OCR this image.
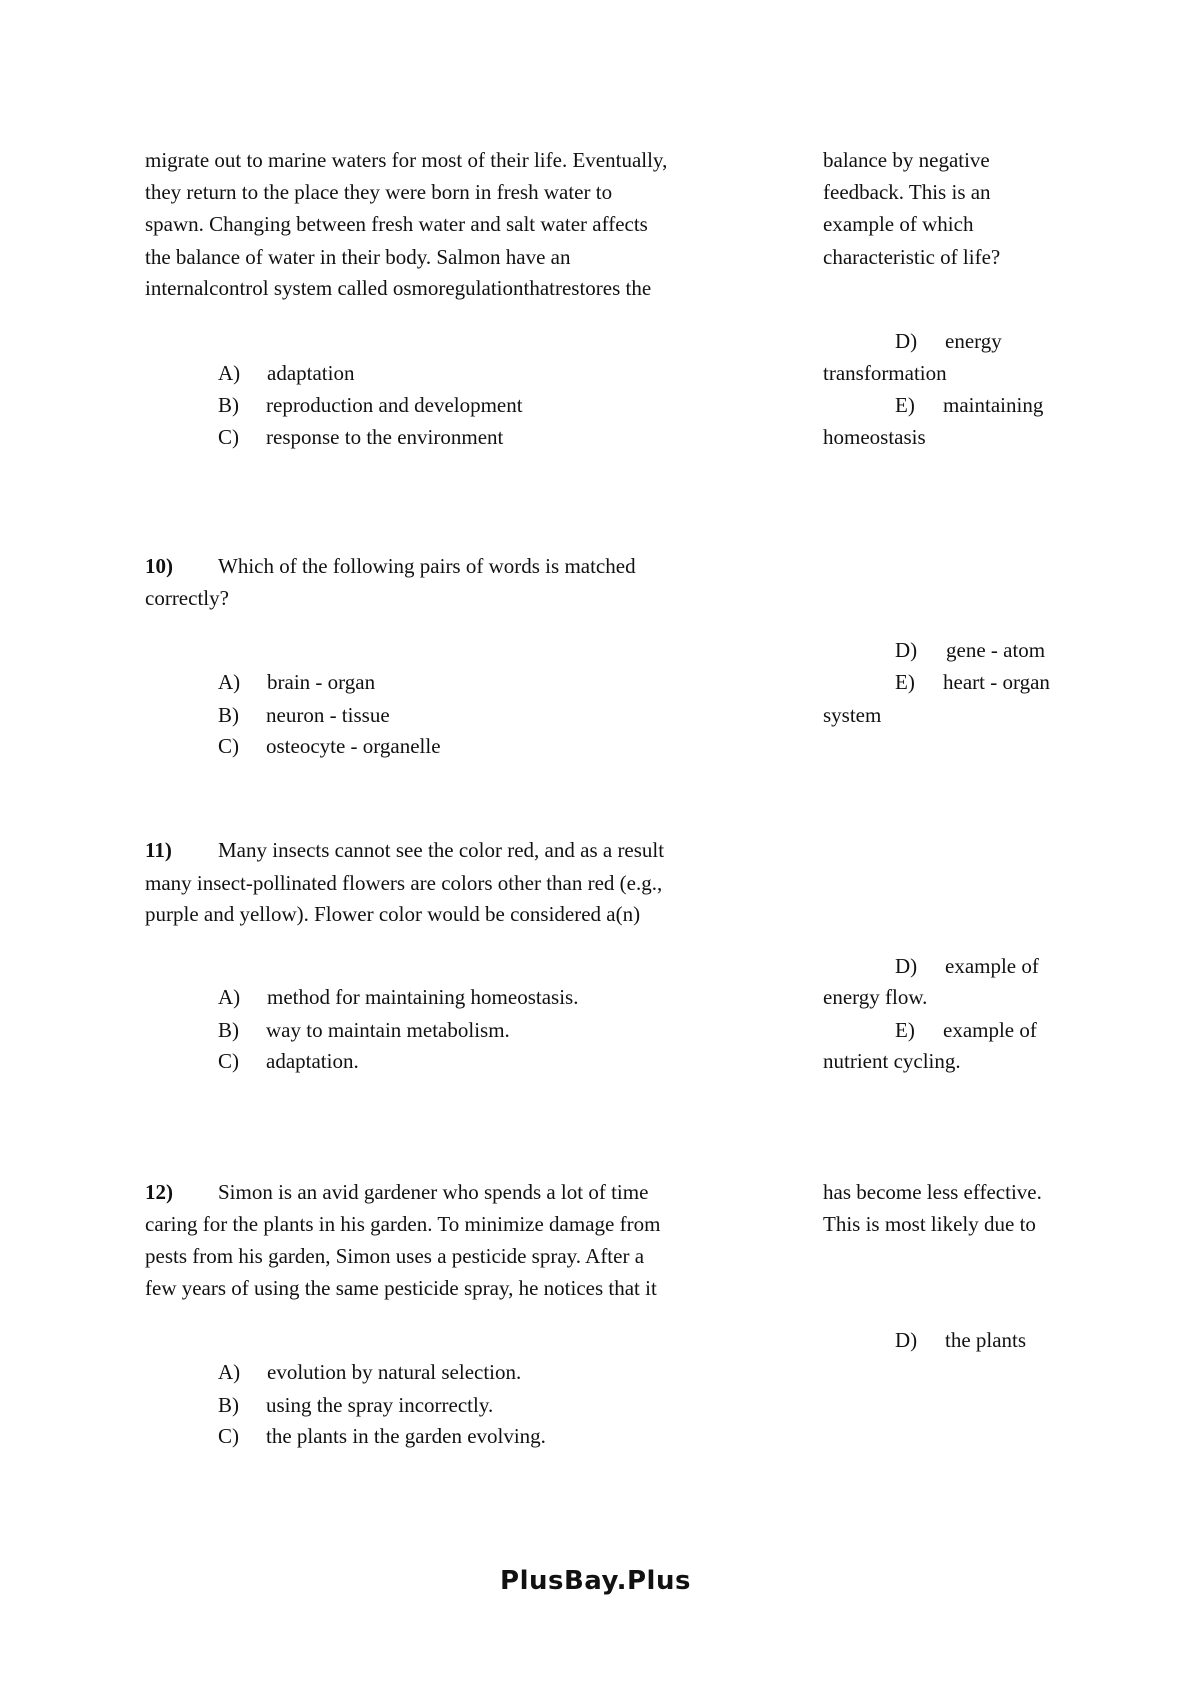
migrate out to marine waters for most of their life. Eventually,
they return to the place they were born in fresh water to
spawn. Changing between fresh water and salt water affects
the balance of water in their body. Salmon have an
internalcontrol system called osmoregulationthatrestores the
balance by negative
feedback. This is an
example of which
characteristic of life?
D) energy
transformation
E) maintaining
homeostasis
A) adaptation
B) reproduction and development
C) response to the environment
10) Which of the following pairs of words is matched
correctly?
D) gene - atom
E) heart - organ
system
A) brain - organ
B) neuron - tissue
C) osteocyte - organelle
11) Many insects cannot see the color red, and as a result
many insect-pollinated flowers are colors other than red (e.g.,
purple and yellow). Flower color would be considered a(n)
D) example of
energy flow.
E) example of
nutrient cycling.
A) method for maintaining homeostasis.
B) way to maintain metabolism.
C) adaptation.
12) Simon is an avid gardener who spends a lot of time
caring for the plants in his garden. To minimize damage from
pests from his garden, Simon uses a pesticide spray. After a
few years of using the same pesticide spray, he notices that it
has become less effective.
This is most likely due to
D) the plants
A) evolution by natural selection.
B) using the spray incorrectly.
C) the plants in the garden evolving.
PlusBay.Plus
